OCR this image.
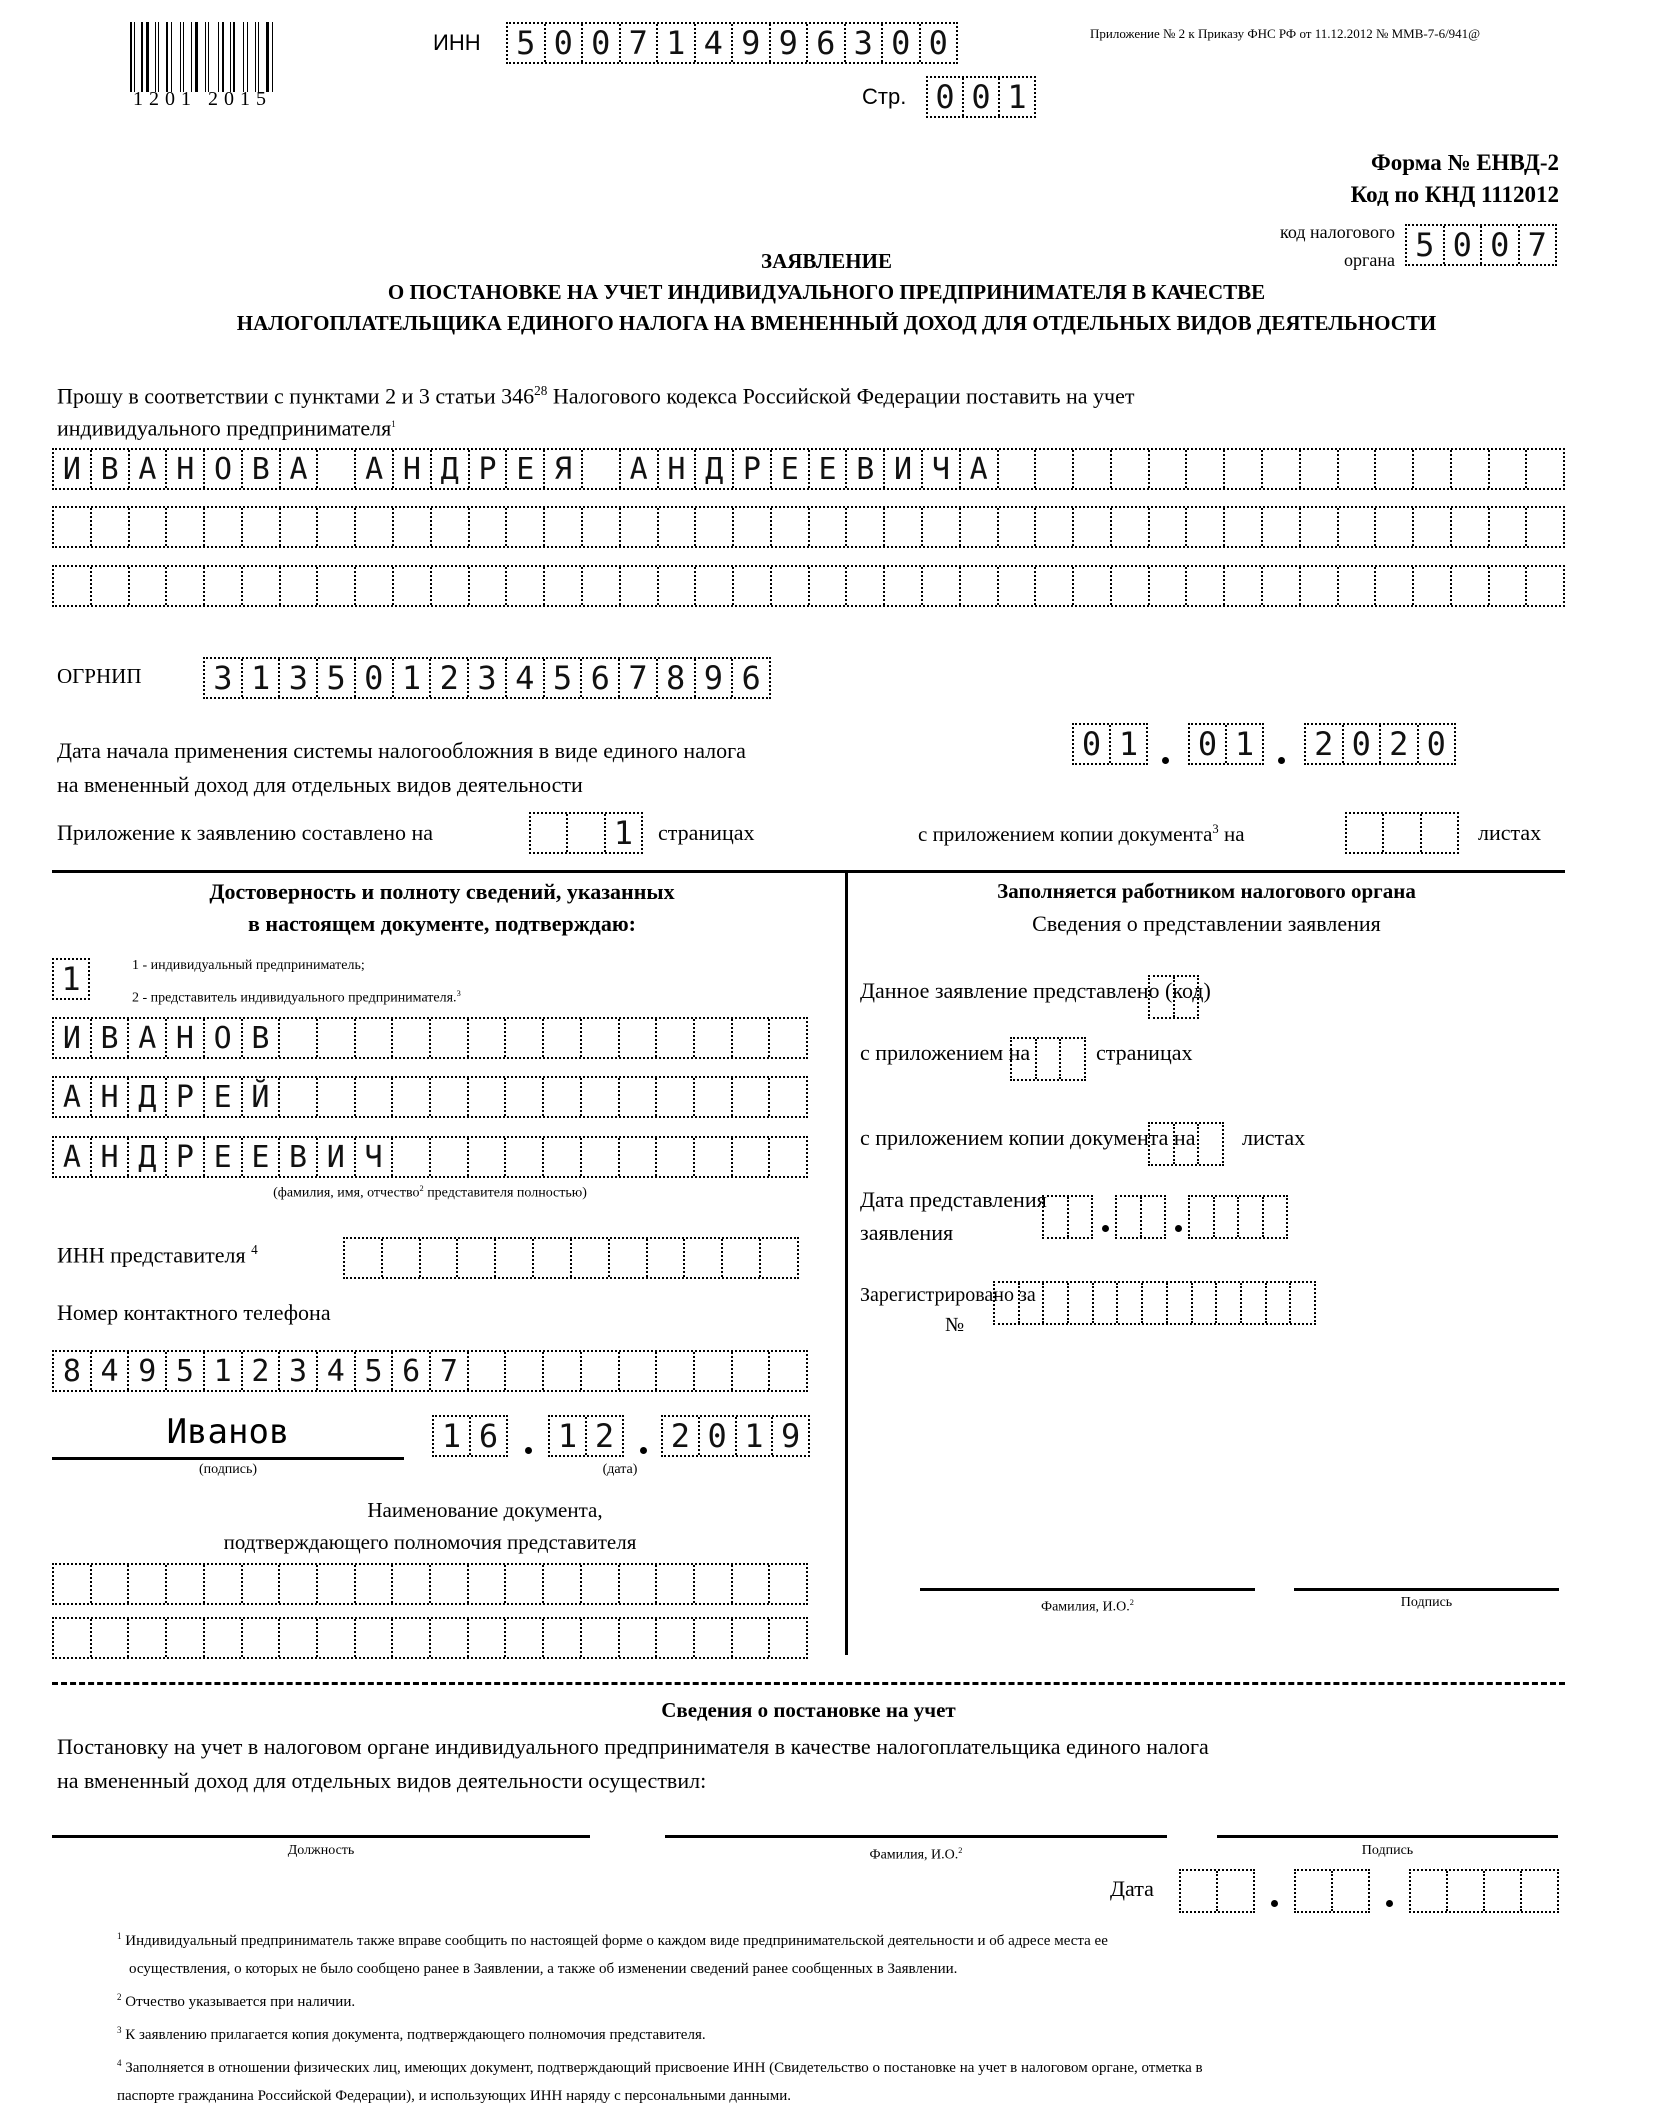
1201 2015
ИНН 5 0 0 7 1 4 9 9 6 3 0 0
Стр. 0 0 1
Приложение № 2 к Приказу ФНС РФ от 11.12.2012 № ММВ-7-6/941@
Форма № ЕНВД-2
Код по КНД 1112012
код налогового
органа 5 0 0 7
ЗАЯВЛЕНИЕ
О ПОСТАНОВКЕ НА УЧЕТ ИНДИВИДУАЛЬНОГО ПРЕДПРИНИМАТЕЛЯ В КАЧЕСТВЕ
НАЛОГОПЛАТЕЛЬЩИКА ЕДИНОГО НАЛОГА НА ВМЕНЕННЫЙ ДОХОД ДЛЯ ОТДЕЛЬНЫХ ВИДОВ ДЕЯТЕЛЬНОСТИ
Прошу в соответствии с пунктами 2 и 3 статьи $346^{28}$ Налогового кодекса Российской Федерации поставить на учет
индивидуального предпринимателя$^1$
И В А Н О В А	А Н Д Р Е Я	А Н Д Р Е Е В И Ч А
ОГРНИП 3 1 3 5 0 1 2 3 4 5 6 7 8 9 6
Дата начала применения системы налогообложния в виде единого налога
на вмененный доход для отдельных видов деятельности
0 1 0 1 2 0 2 0
Приложение к заявлению составлено на	1	страницах	с приложением копии документа$^3$ на	листах
Достоверность и полноту сведений, указанных
в настоящем документе, подтверждаю:
1	1 - индивидуальный предприниматель;
2 - представитель индивидуального предпринимателя.$^3$
И В А Н О В
А Н Д Р Е Й
А Н Д Р Е Е В И Ч
(фамилия, имя, отчество$^2$ представителя полностью)
ИНН представителя $^4$
Номер контактного телефона
8 4 9 5 1 2 3 4 5 6 7
Иванов
(подпись)
1 6 1 2 2 0 1 9
(дата)
Наименование документа,
подтверждающего полномочия представителя
Заполняется работником налогового органа
Сведения о представлении заявления
Данное заявление представлено (код)
с приложением на	страницах
с приложением копии документа на листах
Дата представления
заявления
Зарегистрировано за
№
Фамилия, И.О.$^2$	Подпись
Сведения о постановке на учет
Постановку на учет в налоговом органе индивидуального предпринимателя в качестве налогоплательщика единого налога
на вмененный доход для отдельных видов деятельности осуществил:
Должность	Фамилия, И.О.$^2$	Подпись
Дата
$^1$ Индивидуальный предприниматель также вправе сообщить по настоящей форме о каждом виде предпринимательской деятельности и об адресе места ее
осуществления, о которых не было сообщено ранее в Заявлении, а также об изменении сведений ранее сообщенных в Заявлении.
$^2$ Отчество указывается при наличии.
$^3$ К заявлению прилагается копия документа, подтверждающего полномочия представителя.
$^4$ Заполняется в отношении физических лиц, имеющих документ, подтверждающий присвоение ИНН (Свидетельство о постановке на учет в налоговом органе, отметка в
паспорте гражданина Российской Федерации), и использующих ИНН наряду с персональными данными.
